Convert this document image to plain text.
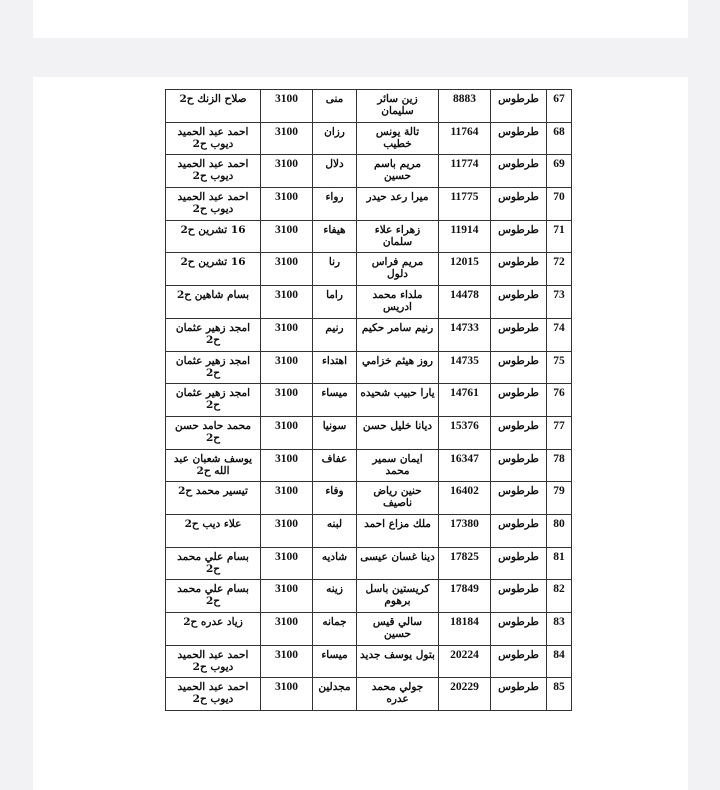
67	طرطوس	8883	زين سائر سليمان	منى	3100	صلاح الزنك ح2
68	طرطوس	11764	تالة يونس خطيب	رزان	3100	احمد عبد الحميد ديوب ح2
69	طرطوس	11774	مريم باسم حسين	دلال	3100	احمد عبد الحميد ديوب ح2
70	طرطوس	11775	ميرا رعد حيدر	رواء	3100	احمد عبد الحميد ديوب ح2
71	طرطوس	11914	زهراء علاء سلمان	هيفاء	3100	16 تشرين ح2
72	طرطوس	12015	مريم فراس دلول	رنا	3100	16 تشرين ح2
73	طرطوس	14478	ملداء محمد ادريس	راما	3100	بسام شاهين ح2
74	طرطوس	14733	رنيم سامر حكيم	رنيم	3100	امجد زهير عثمان ح2
75	طرطوس	14735	روز هيثم خزامي	اهتداء	3100	امجد زهير عثمان ح2
76	طرطوس	14761	يارا حبيب شحيده	ميساء	3100	امجد زهير عثمان ح2
77	طرطوس	15376	ديانا خليل حسن	سونيا	3100	محمد حامد حسن ح2
78	طرطوس	16347	ايمان سمير محمد	عفاف	3100	يوسف شعبان عبد الله ح2
79	طرطوس	16402	حنين رياض ناصيف	وفاء	3100	تيسير محمد ح2
80	طرطوس	17380	ملك مزاع احمد	لبنه	3100	علاء ديب ح2
81	طرطوس	17825	دينا غسان عيسى	شاديه	3100	بسام علي محمد ح2
82	طرطوس	17849	كريستين باسل برهوم	زينه	3100	بسام علي محمد ح2
83	طرطوس	18184	سالي قيس حسين	جمانه	3100	زياد عدره ح2
84	طرطوس	20224	بتول يوسف جديد	ميساء	3100	احمد عبد الحميد ديوب ح2
85	طرطوس	20229	جولي محمد عدره	مجدلين	3100	احمد عبد الحميد ديوب ح2
